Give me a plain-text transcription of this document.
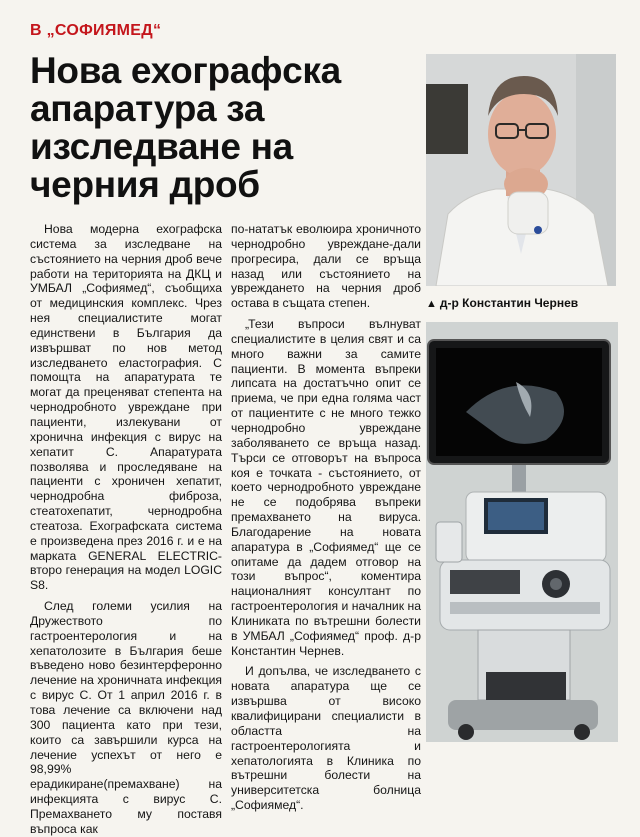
В „СОФИЯМЕД“
Нова ехографска апаратура за изследване на черния дроб
▲ д-р Константин Чернев

Нова модерна ехографска система за изследване на състоянието на черния дроб вече работи на територията на ДКЦ и УМБАЛ „Софиямед“, съобщиха от медицинския комплекс. Чрез нея специалистите могат единствени в България да извършват по нов метод изследването еластография. С помощта на апаратурата те могат да преценяват степента на чернодробното увреждане при пациенти, излекувани от хронична инфекция с вирус на хепатит С. Апаратурата позволява и проследяване на пациенти с хроничен хепатит, чернодробна фиброза, стеатохепатит, чернодробна стеатоза. Ехографската система е произведена през 2016 г. и е на марката GENERAL ELECTRIC- второ генерация на модел LOGIC S8.

След големи усилия на Дружеството по гастроентерология и на хепатолозите в България беше въведено ново безинтерферонно лечение на хроничната инфекция с вирус С. От 1 април 2016 г. в това лечение са включени над 300 пациента като при тези, които са завършили курса на лечение успехът от него е 98,99% ерадикиране(премахване) на инфекцията с вирус С. Премахването му поставя въпроса как

по-нататък еволюира хроничното чернодробно увреждане-дали прогресира, дали се връща назад или състоянието на увреждането на черния дроб остава в същата степен.

„Тези въпроси вълнуват специалистите в целия свят и са много важни за самите пациенти. В момента въпреки липсата на достатъчно опит се приема, че при една голяма част от пациентите с не много тежко чернодробно увреждане заболяването се връща назад. Търси се отговорът на въпроса коя е точката - състоянието, от което чернодробното увреждане не се подобрява въпреки премахването на вируса. Благодарение на новата апаратура в „Софиямед“ ще се опитаме да дадем отговор на този въпрос“, коментира националният консултант по гастроентерология и началник на Клиниката по вътрешни болести в УМБАЛ „Софиямед“ проф. д-р Константин Чернев.

И допълва, че изследването с новата апаратура ще се извършва от високо квалифицирани специалисти в областта на гастроентерологията и хепатологията в Клиника по вътрешни болести на университетска болница „Софиямед“.
